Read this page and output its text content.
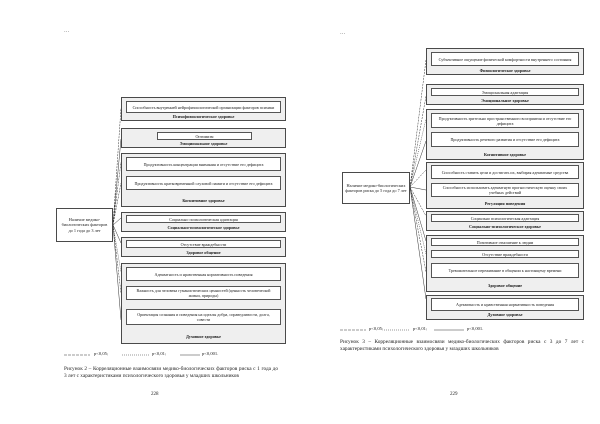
…
Наличие медико-биологических факторов до 1 года до 3 лет
Способность внутренней нейрофизиологической организации факторов психики
Психофизиологическое здоровье
Оптимизм
Эмоциональное здоровье
Продуктивность концентрации внимания и отсутствие его дефицита
Продуктивность кратковременной слуховой памяти и отсутствие его дефицита
Когнитивное здоровье
Социально психологическая адаптация
Социально-психологическое здоровье
Отсутствие враждебности
Здоровое общение
Адекватность и нравственная нормативность поведения
Важность для человека гуманистических ценностей (ценность человеческой жизни, природы)
Ориентация сознания и поведения на идеалы добра, справедливости, долга, совести
Духовное здоровье
p<0,05;	p<0,01;	p<0,001.
Рисунок 2 – Корреляционные взаимосвязи медико-биологических факторов риска с 1 года до 3 лет с характеристиками психологического здоровья у младших школьников
228
…
Наличие медико-биологических факторов риска до 5 года до 7 лет
Субъективное ощущение физической комфортности внутреннего состояния
Физиологическое здоровье
Эмоциональная адаптация
Эмоциональное здоровье
Продуктивность зрительно пространственного восприятия и отсутствие его дефицита
Продуктивность речевого развития и отсутствие его дефицита
Когнитивное здоровье
Способность ставить цели и достигать их, выбирая адекватные средства
Способность использовать адекватную прогностическую оценку своих учебных действий
Регуляция поведения
Социально психологическая адаптация
Социально-психологическое здоровье
Позитивное отношение к людям
Отсутствие враждебности
Тревожительное переживание в общении к настоящему времени
Здоровое общение
Адекватность и нравственная нормативность поведения
Духовное здоровье
p<0,05;	p<0,01;	p<0,001.
Рисунок 3 – Корреляционные взаимосвязи медико-биологических факторов риска с 3 до 7 лет с характеристиками психологического здоровья у младших школьников
229
